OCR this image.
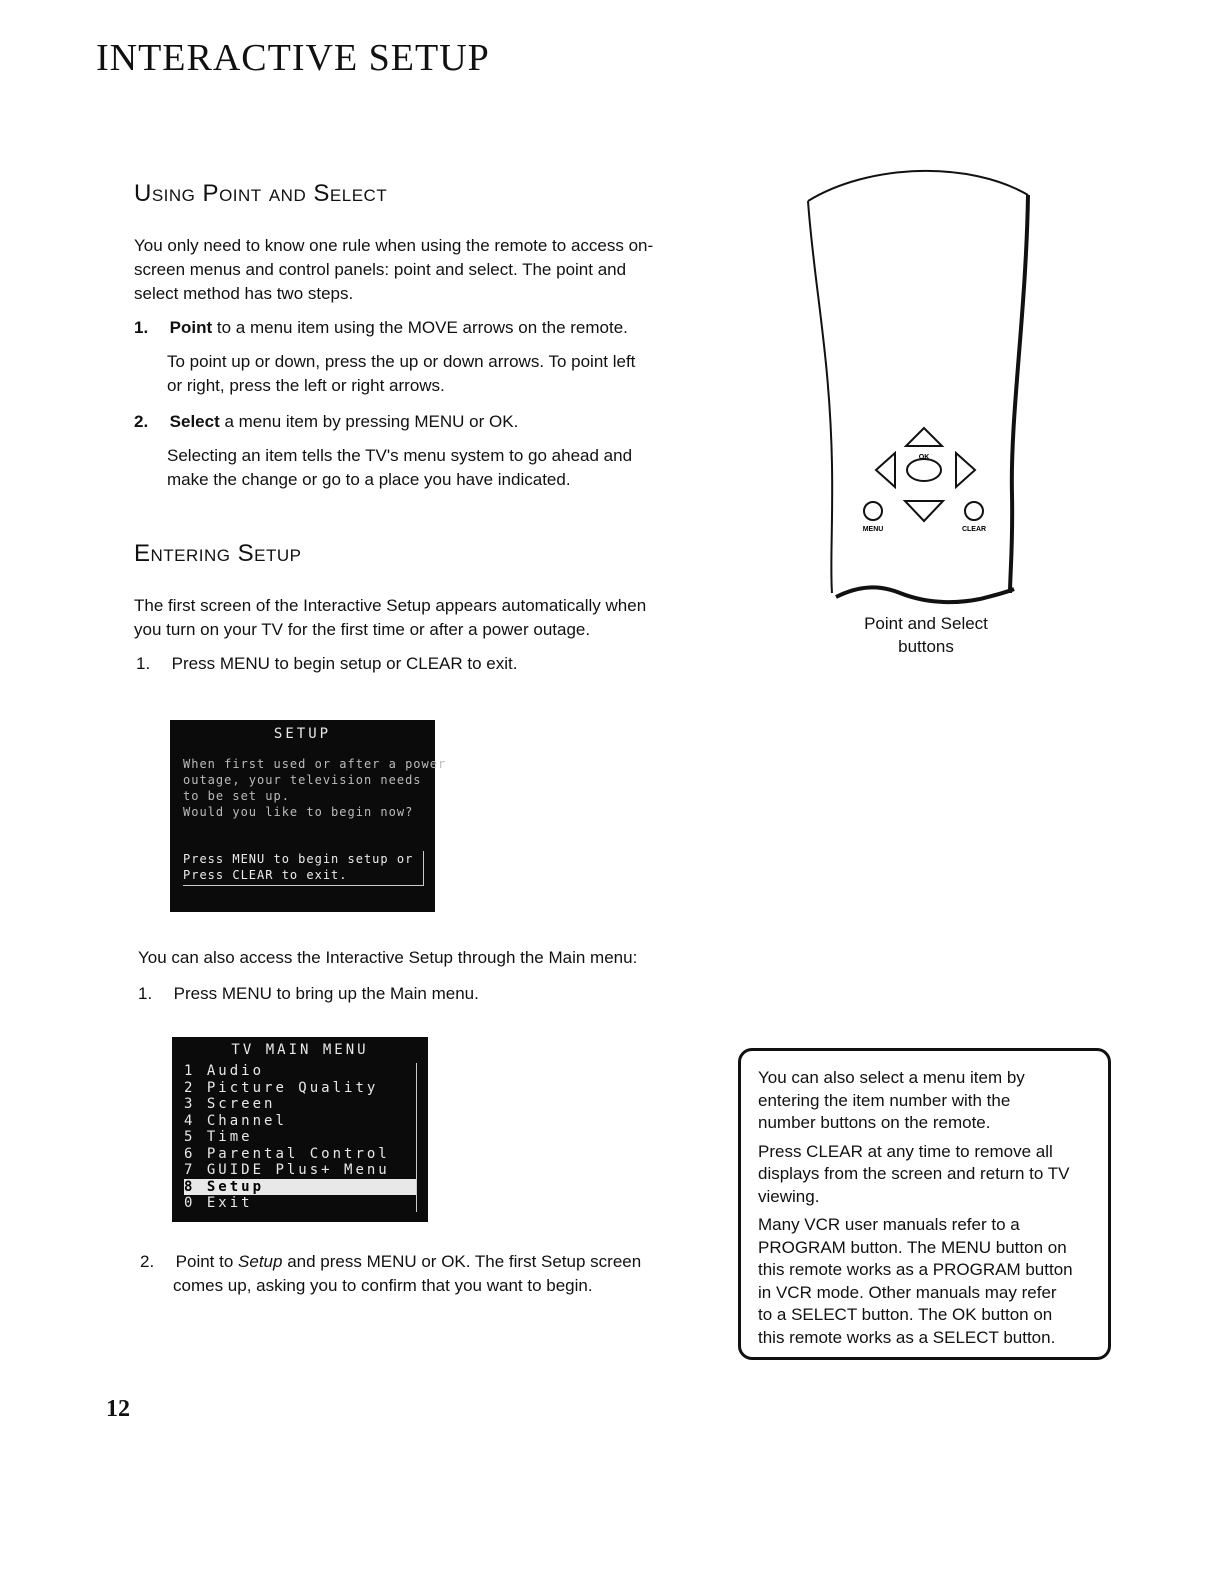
INTERACTIVE SETUP
Using Point and Select
You only need to know one rule when using the remote to access on-
screen menus and control panels: point and select. The point and
select method has two steps.
1. Point to a menu item using the MOVE arrows on the remote.
To point up or down, press the up or down arrows. To point left
or right, press the left or right arrows.
2. Select a menu item by pressing MENU or OK.
Selecting an item tells the TV's menu system to go ahead and
make the change or go to a place you have indicated.
Entering Setup
The first screen of the Interactive Setup appears automatically when
you turn on your TV for the first time or after a power outage.
1. Press MENU to begin setup or CLEAR to exit.
SETUP
When first used or after a power
outage, your television needs
to be set up.
Would you like to begin now?
Press MENU to begin setup or
Press CLEAR to exit.
You can also access the Interactive Setup through the Main menu:
1. Press MENU to bring up the Main menu.
TV MAIN MENU
1 Audio
2 Picture Quality
3 Screen
4 Channel
5 Time
6 Parental Control
7 GUIDE Plus+ Menu
8 Setup
0 Exit
2. Point to Setup and press MENU or OK. The first Setup screen
comes up, asking you to confirm that you want to begin.
OK
MENU	CLEAR
Point and Select
buttons
You can also select a menu item by
entering the item number with the
number buttons on the remote.
Press CLEAR at any time to remove all
displays from the screen and return to TV
viewing.
Many VCR user manuals refer to a
PROGRAM button. The MENU button on
this remote works as a PROGRAM button
in VCR mode. Other manuals may refer
to a SELECT button. The OK button on
this remote works as a SELECT button.
12
